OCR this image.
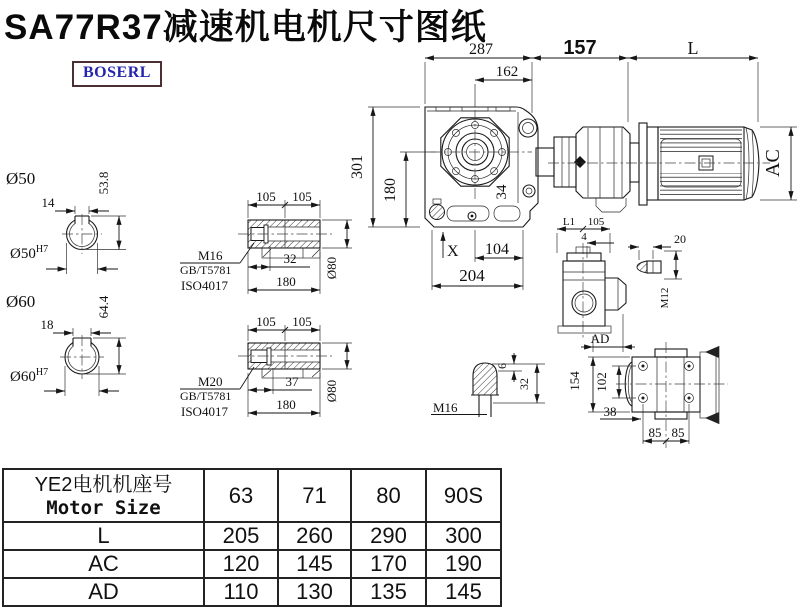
SA77R37减速机电机尺寸图纸
BOSERL
287
162
157	L
301
180	34
X 104
204
AC
Ø50
14
53.8
$Ø50^{H7}$
Ø60
18
64.4
$Ø60^{H7}$
105 105
32
180
Ø80
M16
GB/T5781
ISO4017
105 105
37
180
Ø80
M20
GB/T5781
ISO4017	M16
6
32
L1 105
4
AD
20
M12
154 102
38
85 85
YE2电机机座号
Motor Size	63	71	80	90S
L	205	260	290	300
AC	120	145	170	190
AD	110	130	135	145
